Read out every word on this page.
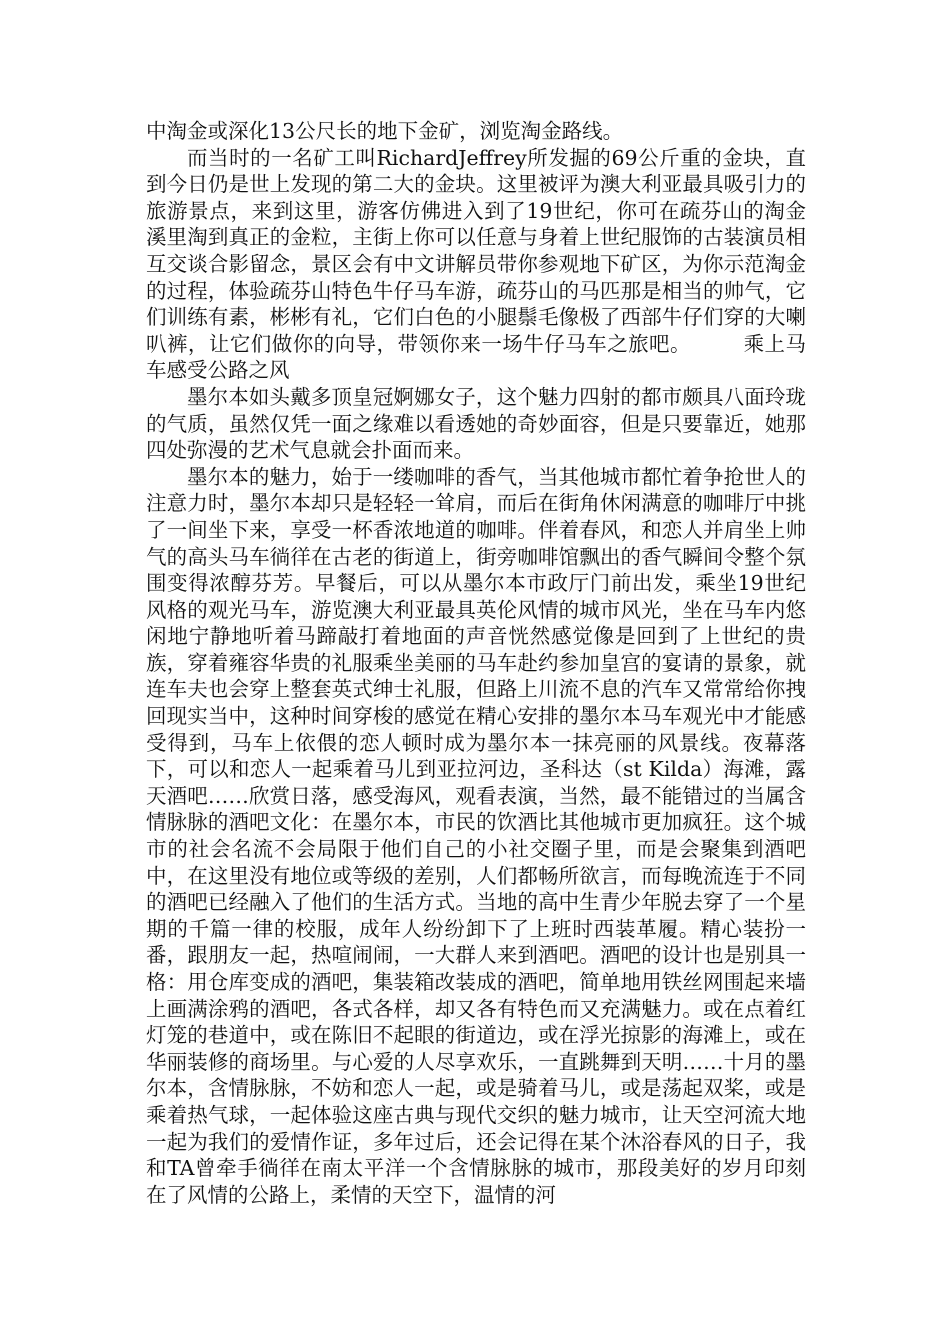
中淘金或深化13公尺长的地下金矿，浏览淘金路线。

而当时的一名矿工叫RichardJeffrey所发掘的69公斤重的金块，直到今日仍是世上发现的第二大的金块。这里被评为澳大利亚最具吸引力的旅游景点，来到这里，游客仿佛进入到了19世纪，你可在疏芬山的淘金溪里淘到真正的金粒，主街上你可以任意与身着上世纪服饰的古装演员相互交谈合影留念，景区会有中文讲解员带你参观地下矿区，为你示范淘金的过程，体验疏芬山特色牛仔马车游，疏芬山的马匹那是相当的帅气，它们训练有素，彬彬有礼，它们白色的小腿鬃毛像极了西部牛仔们穿的大喇叭裤，让它们做你的向导，带领你来一场牛仔马车之旅吧。　　　乘上马车感受公路之风

墨尔本如头戴多顶皇冠婀娜女子，这个魅力四射的都市颇具八面玲珑的气质，虽然仅凭一面之缘难以看透她的奇妙面容，但是只要靠近，她那四处弥漫的艺术气息就会扑面而来。

墨尔本的魅力，始于一缕咖啡的香气，当其他城市都忙着争抢世人的注意力时，墨尔本却只是轻轻一耸肩，而后在街角休闲满意的咖啡厅中挑了一间坐下来，享受一杯香浓地道的咖啡。伴着春风，和恋人并肩坐上帅气的高头马车徜徉在古老的街道上，街旁咖啡馆飘出的香气瞬间令整个氛围变得浓醇芬芳。早餐后，可以从墨尔本市政厅门前出发，乘坐19世纪风格的观光马车，游览澳大利亚最具英伦风情的城市风光，坐在马车内悠闲地宁静地听着马蹄敲打着地面的声音恍然感觉像是回到了上世纪的贵族，穿着雍容华贵的礼服乘坐美丽的马车赴约参加皇宫的宴请的景象，就连车夫也会穿上整套英式绅士礼服，但路上川流不息的汽车又常常给你拽回现实当中，这种时间穿梭的感觉在精心安排的墨尔本马车观光中才能感受得到，马车上依偎的恋人顿时成为墨尔本一抹亮丽的风景线。夜幕落下，可以和恋人一起乘着马儿到亚拉河边，圣科达（st Kilda）海滩，露天酒吧……欣赏日落，感受海风，观看表演，当然，最不能错过的当属含情脉脉的酒吧文化：在墨尔本，市民的饮酒比其他城市更加疯狂。这个城市的社会名流不会局限于他们自己的小社交圈子里，而是会聚集到酒吧中，在这里没有地位或等级的差别，人们都畅所欲言，而每晚流连于不同的酒吧已经融入了他们的生活方式。当地的高中生青少年脱去穿了一个星期的千篇一律的校服，成年人纷纷卸下了上班时西装革履。精心装扮一番，跟朋友一起，热喧闹闹，一大群人来到酒吧。酒吧的设计也是别具一格：用仓库变成的酒吧，集装箱改装成的酒吧，简单地用铁丝网围起来墙上画满涂鸦的酒吧，各式各样，却又各有特色而又充满魅力。或在点着红灯笼的巷道中，或在陈旧不起眼的街道边，或在浮光掠影的海滩上，或在华丽装修的商场里。与心爱的人尽享欢乐，一直跳舞到天明……十月的墨尔本，含情脉脉，不妨和恋人一起，或是骑着马儿，或是荡起双桨，或是乘着热气球，一起体验这座古典与现代交织的魅力城市，让天空河流大地一起为我们的爱情作证，多年过后，还会记得在某个沐浴春风的日子，我和TA曾牵手徜徉在南太平洋一个含情脉脉的城市，那段美好的岁月印刻在了风情的公路上，柔情的天空下，温情的河
